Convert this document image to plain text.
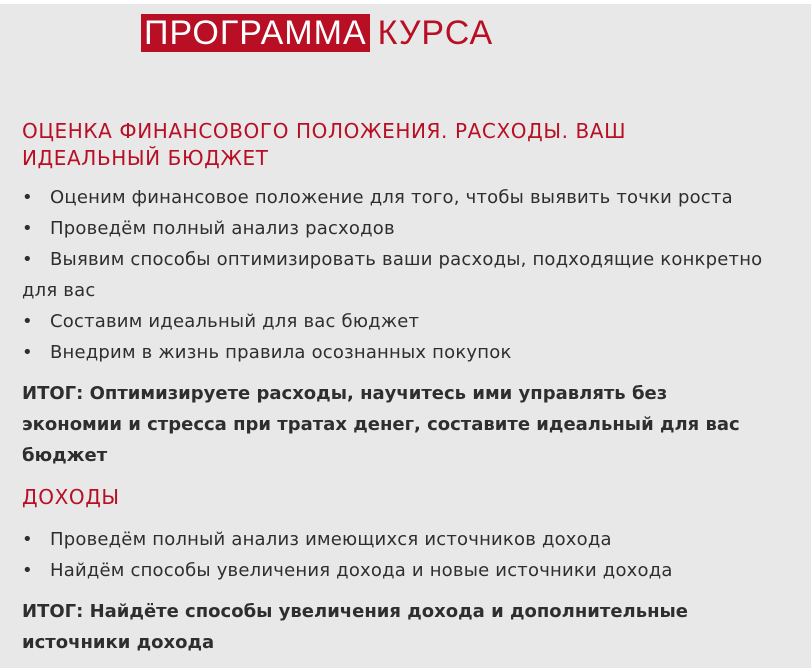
ПРОГРАММА КУРСА
ОЦЕНКА ФИНАНСОВОГО ПОЛОЖЕНИЯ. РАСХОДЫ. ВАШ ИДЕАЛЬНЫЙ БЮДЖЕТ
• Оценим финансовое положение для того, чтобы выявить точки роста
• Проведём полный анализ расходов
• Выявим способы оптимизировать ваши расходы, подходящие конкретно для вас
• Составим идеальный для вас бюджет
• Внедрим в жизнь правила осознанных покупок

ИТОГ: Оптимизируете расходы, научитесь ими управлять без экономии и стресса при тратах денег, составите идеальный для вас бюджет

ДОХОДЫ
• Проведём полный анализ имеющихся источников дохода
• Найдём способы увеличения дохода и новые источники дохода

ИТОГ: Найдёте способы увеличения дохода и дополнительные источники дохода
